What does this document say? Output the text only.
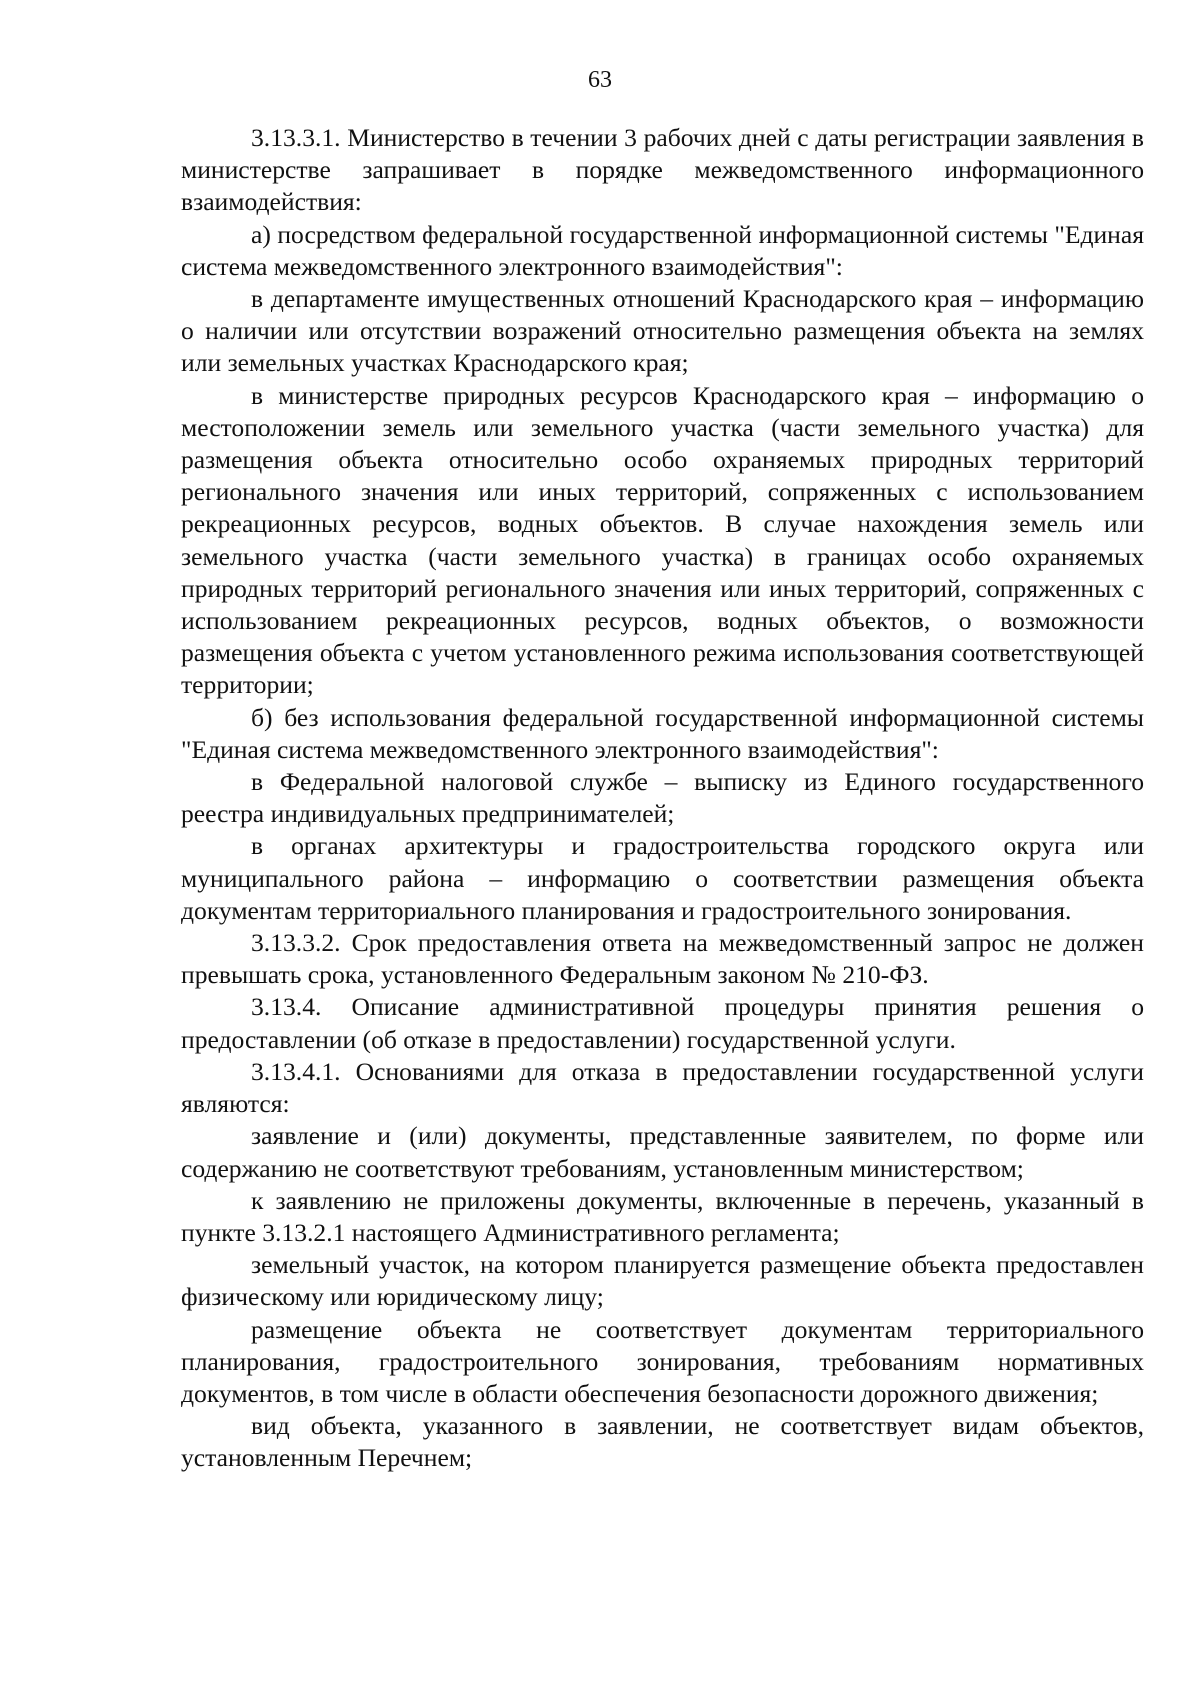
63

3.13.3.1. Министерство в течении 3 рабочих дней с даты регистрации заявления в министерстве запрашивает в порядке межведомственного информационного взаимодействия:

а) посредством федеральной государственной информационной системы "Единая система межведомственного электронного взаимодействия":

в департаменте имущественных отношений Краснодарского края – информацию о наличии или отсутствии возражений относительно размещения объекта на землях или земельных участках Краснодарского края;

в министерстве природных ресурсов Краснодарского края – информацию о местоположении земель или земельного участка (части земельного участка) для размещения объекта относительно особо охраняемых природных территорий регионального значения или иных территорий, сопряженных с использованием рекреационных ресурсов, водных объектов. В случае нахождения земель или земельного участка (части земельного участка) в границах особо охраняемых природных территорий регионального значения или иных территорий, сопряженных с использованием рекреационных ресурсов, водных объектов, о возможности размещения объекта с учетом установленного режима использования соответствующей территории;

б) без использования федеральной государственной информационной системы "Единая система межведомственного электронного взаимодействия":

в Федеральной налоговой службе – выписку из Единого государственного реестра индивидуальных предпринимателей;

в органах архитектуры и градостроительства городского округа или муниципального района – информацию о соответствии размещения объекта документам территориального планирования и градостроительного зонирования.

3.13.3.2. Срок предоставления ответа на межведомственный запрос не должен превышать срока, установленного Федеральным законом № 210-ФЗ.

3.13.4. Описание административной процедуры принятия решения о предоставлении (об отказе в предоставлении) государственной услуги.

3.13.4.1. Основаниями для отказа в предоставлении государственной услуги являются:

заявление и (или) документы, представленные заявителем, по форме или содержанию не соответствуют требованиям, установленным министерством;

к заявлению не приложены документы, включенные в перечень, указанный в пункте 3.13.2.1 настоящего Административного регламента;

земельный участок, на котором планируется размещение объекта предоставлен физическому или юридическому лицу;

размещение объекта не соответствует документам территориального планирования, градостроительного зонирования, требованиям нормативных документов, в том числе в области обеспечения безопасности дорожного движения;

вид объекта, указанного в заявлении, не соответствует видам объектов, установленным Перечнем;
